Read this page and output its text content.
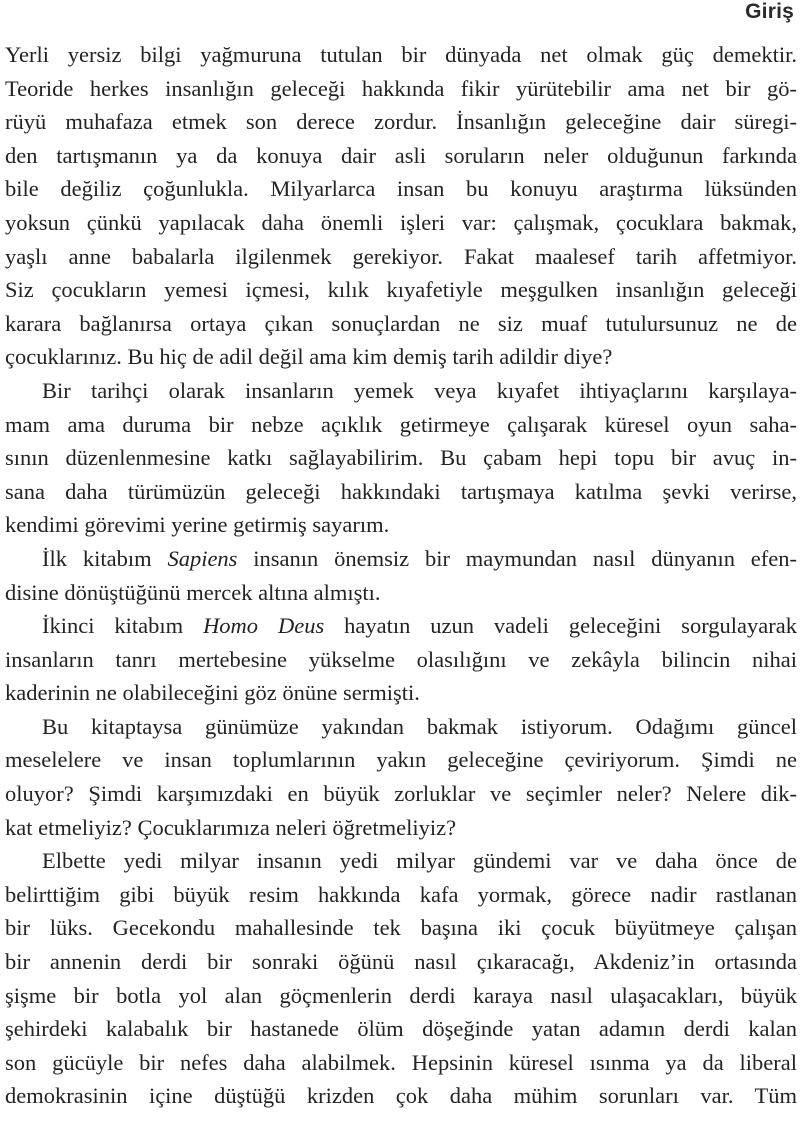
Giriş
Yerli yersiz bilgi yağmuruna tutulan bir dünyada net olmak güç demektir.
Teoride herkes insanlığın geleceği hakkında fikir yürütebilir ama net bir gö-
rüyü muhafaza etmek son derece zordur. İnsanlığın geleceğine dair süregi-
den tartışmanın ya da konuya dair asli soruların neler olduğunun farkında
bile değiliz çoğunlukla. Milyarlarca insan bu konuyu araştırma lüksünden
yoksun çünkü yapılacak daha önemli işleri var: çalışmak, çocuklara bakmak,
yaşlı anne babalarla ilgilenmek gerekiyor. Fakat maalesef tarih affetmiyor.
Siz çocukların yemesi içmesi, kılık kıyafetiyle meşgulken insanlığın geleceği
karara bağlanırsa ortaya çıkan sonuçlardan ne siz muaf tutulursunuz ne de
çocuklarınız. Bu hiç de adil değil ama kim demiş tarih adildir diye?
Bir tarihçi olarak insanların yemek veya kıyafet ihtiyaçlarını karşılaya-
mam ama duruma bir nebze açıklık getirmeye çalışarak küresel oyun saha-
sının düzenlenmesine katkı sağlayabilirim. Bu çabam hepi topu bir avuç in-
sana daha türümüzün geleceği hakkındaki tartışmaya katılma şevki verirse,
kendimi görevimi yerine getirmiş sayarım.
İlk kitabım Sapiens insanın önemsiz bir maymundan nasıl dünyanın efen-
disine dönüştüğünü mercek altına almıştı.
İkinci kitabım Homo Deus hayatın uzun vadeli geleceğini sorgulayarak
insanların tanrı mertebesine yükselme olasılığını ve zekâyla bilincin nihai
kaderinin ne olabileceğini göz önüne sermişti.
Bu kitaptaysa günümüze yakından bakmak istiyorum. Odağımı güncel
meselelere ve insan toplumlarının yakın geleceğine çeviriyorum. Şimdi ne
oluyor? Şimdi karşımızdaki en büyük zorluklar ve seçimler neler? Nelere dik-
kat etmeliyiz? Çocuklarımıza neleri öğretmeliyiz?
Elbette yedi milyar insanın yedi milyar gündemi var ve daha önce de
belirttiğim gibi büyük resim hakkında kafa yormak, görece nadir rastlanan
bir lüks. Gecekondu mahallesinde tek başına iki çocuk büyütmeye çalışan
bir annenin derdi bir sonraki öğünü nasıl çıkaracağı, Akdeniz’in ortasında
şişme bir botla yol alan göçmenlerin derdi karaya nasıl ulaşacakları, büyük
şehirdeki kalabalık bir hastanede ölüm döşeğinde yatan adamın derdi kalan
son gücüyle bir nefes daha alabilmek. Hepsinin küresel ısınma ya da liberal
demokrasinin içine düştüğü krizden çok daha mühim sorunları var. Tüm
